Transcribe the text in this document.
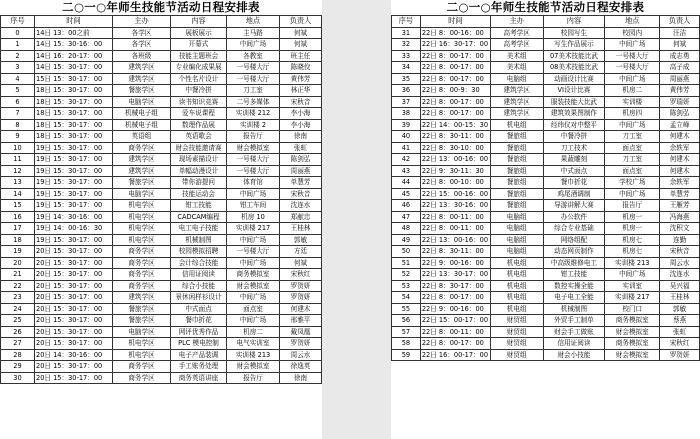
二○一○年师生技能节活动日程安排表
序号	时间	主办	内容	地点	负责人
0	14日 13：00之前	各学区	展板展示	主马路	何斌
1	14日 15：30-16：00	各学区	开幕式	中间广场	何斌
2	14日 16：20-17：00	各班级	技能主题班会	各教室	班主任
3	14日 15：30-17：00	建筑学区	专业编化成果展	一号楼大厅	陈晓佼
4	15日 15：30-17：00	建筑学区	个性名片设计	一号楼大厅	黄伟芳
5	18日 15：30-17：00	餐旅学区	中餐冷拼	刀工室	林正华
6	18日 15：30-17：00	电脑学区	读书知识竞赛	二号多媒体	宋秋音
7	18日 15：30-17：00	机械电子组	爱车说课程	实训楼 212	李小海
8	18日 15：30-17：00	机械电子组	数理作品展	实训楼 2	李小海
9	18日 15：30-17：00	英语组	英语歌会	报告厅	徐南
10	19日 15：30-17：00	商务学区	财会技能邀请赛	财会模拟室	张虹
11	19日 15：30-17：00	建筑学区	现场素描设计	一号楼大厅	陈剑弘
12	19日 15：30-17：00	建筑学区	单幅动漫设计	一号楼大厅	周丽燕
13	19日 15：30-17：00	餐旅学区	带你游提问	体育馆	单慧芳
14	19日 15：30-17：00	电脑学区	技能运动会	中间广场	宋秋音
15	19日 15：30-17：00	机电学区	钳工技能	钳工车间	沈连水
16	19日 14：30-16：00	机电学区	CADCAM编程	机房 10	郑献忠
17	19日 14：00-16：30	机电学区	电工电子技能	实训楼 217	王桂林
18	19日 15：30-17：00	机电学区	机械制图	中间广场	郭敏
19	20日 15：30-17：00	商务学区	校园模拟招聘	一号楼大厅	方廷
20	20日 15：30-17：00	商务学区	会计综合技能	中间广场	何斌
21	20日 15：30-17：00	商务学区	信用证阅读	商务模拟室	宋秋红
22	20日 15：30-17：00	商务学区	综合小技能	财会模拟室	罗贺妍
23	20日 15：30-17：00	建筑学区	景休闲样衫设计	中间广场	罗贺妍
24	20日 15：30-17：00	餐旅学区	中式面点	面点室	何建木
25	20日 15：30-17：00	餐旅学区	餐巾折花	中间广场	邢雅平
26	20日 15：30-17：00	电脑学区	网评优秀作品	机房二	戴凤凰
27	20日 15：30-17：00	机电学区	PLC 模电控制	电气实训室	罗贺妍
28	20日 14：30-16：00	机电学区	电子产品装调	实训楼 213	周云水
29	20日 15：30-17：00	商务学区	手工账务处理	财会模拟室	徐逸英
30	20日 15：30-17：00	商务学区	商务英语讲座	报告厅	徐南
二○一○年师生技能节活动日程安排表
序号	时间	主办	内容	地点	负责人
31	22日 8：00-16：00	高考学区	校园写生	校园内	汪洁
32	22日 16：30-17：00	高考学区	写生作品展示	中间广场	何斌
33	22日 8：00-17：00	美术组	07美术技能比武	一号楼大厅	成志勇
34	22日 8：00-17：00	美术组	08美术技能比武	一号楼大厅	高子成
35	22日 8：00-17：00	电脑组	动画设计比赛	中间广场	周丽燕
36	22日 8：00-9：30	建筑学区	VI设计比赛	机房二	黄伟芳
37	22日 8：00-17：00	建筑学区	服装技能大比武	实训楼	罗瑞妍
38	22日 8：00-17：00	建筑学区	建筑效果图制作	机房四	陈剑弘
39	22日 14：00-15：30	机电组	经纬仪对中整平	中间广场	孟立峰
40	22日 8：30-11：00	餐旅组	中餐冷拼	刀工室	何建木
41	22日 8：30-10：00	餐旅组	刀工技术	面点室	余轶军
42	22日 13：00-16：00	餐旅组	果蔬雕刻	刀工室	何建木
43	22日 9：30-11：30	餐旅组	中式面点	面点室	何建木
44	22日 8：00-10：00	餐旅组	餐巾折花	学校广场	余轶军
45	22日 15：00-16：00	餐旅组	鸡尾酒调制	中间广场	单慧芳
46	22日 13：30-16：00	餐旅组	导游讲解大赛	报告厅	王雁芳
47	22日 8：00-11：00	电脑组	办公软件	机房一	冯海燕
48	22日 8：00-11：00	电脑组	综合专业基础	机房一	沈积文
49	22日 13：00-16：00	电脑组	网络组配	机房七	连勤
50	22日 8：30-11：00	电脑组	动态网页制作	机房七	宋秋音
51	22日 9：00-16：00	机电组	中高级维修电工	实训楼 213	周云水
52	22日 13：30-17：00	机电组	钳工技能	中间广场	沈连水
53	22日 8：30-17：00	机电组	数控实操全能	实训室	吴兴福
54	22日 8：00-17：00	机电组	电子电工全能	实训楼 217	王桂林
55	22日 9：00-16：00	机电组	机械制图	校门口	郭敏
56	22日 15：00-17：00	财贸组	外贸手工制单	商务模拟室	蔡燕
57	22日 8：00-11：00	财贸组	财会手工做账	财会模拟室	张虹
58	22日 8：00-17：00	财贸组	信用证阅读	商务模拟室	宋秋红
59	22日 16：00-17：00	财贸组	财会小技能	财会模拟室	罗贺妍
